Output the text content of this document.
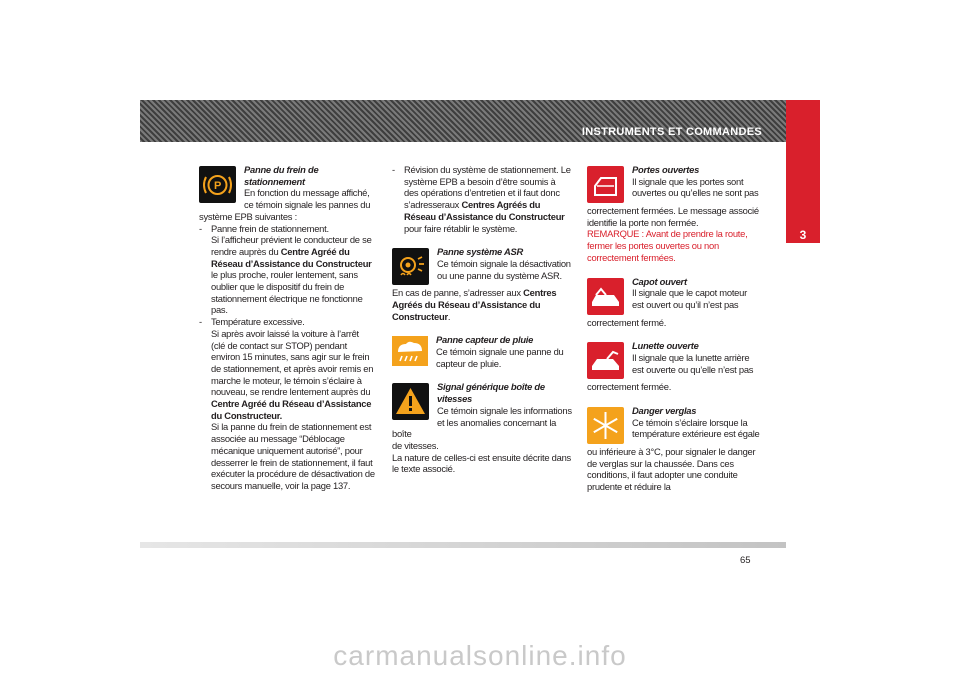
INSTRUMENTS ET COMMANDES
3
P
Panne du frein de stationnement
En fonction du message affiché,
ce témoin signale les pannes du
système EPB suivantes :
- Panne frein de stationnement.
Si l’afficheur prévient le conducteur de se rendre auprès du Centre Agréé du Réseau d’Assistance du Constructeur le plus proche, rouler lentement, sans oublier que le dispositif du frein de stationnement électrique ne fonctionne pas.
- Température excessive.
Si après avoir laissé la voiture à l’arrêt (clé de contact sur STOP) pendant environ 15 minutes, sans agir sur le frein de stationnement, et après avoir remis en marche le moteur, le témoin s’éclaire à nouveau, se rendre lentement auprès du Centre Agréé du Réseau d’Assistance du Constructeur.
Si la panne du frein de stationnement est associée au message “Déblocage mécanique uniquement autorisé”, pour desserrer le frein de stationnement, il faut exécuter la procédure de désactivation de secours manuelle, voir la page 137.
- Révision du système de stationnement. Le système EPB a besoin d’être soumis à des opérations d’entretien et il faut donc s’adresseraux Centres Agréés du Réseau d’Assistance du Constructeur pour faire rétablir le système.
Panne système ASR
Ce témoin signale la désactivation
ou une panne du système ASR.
En cas de panne, s’adresser aux Centres Agréés du Réseau d’Assistance du Constructeur.
Panne capteur de pluie
Ce témoin signale une panne du
capteur de pluie.
Signal générique boîte de vitesses
Ce témoin signale les informations
et les anomalies concernant la boîte
de vitesses.
La nature de celles-ci est ensuite décrite dans le texte associé.
Portes ouvertes
Il signale que les portes sont
ouvertes ou qu’elles ne sont pas
correctement fermées. Le message associé identifie la porte non fermée.
REMARQUE : Avant de prendre la route, fermer les portes ouvertes ou non correctement fermées.
Capot ouvert
Il signale que le capot moteur
est ouvert ou qu’il n’est pas
correctement fermé.
Lunette ouverte
Il signale que la lunette arrière
est ouverte ou qu’elle n’est pas
correctement fermée.
Danger verglas
Ce témoin s’éclaire lorsque la
température extérieure est égale
ou inférieure à 3°C, pour signaler le danger de verglas sur la chaussée. Dans ces conditions, il faut adopter une conduite prudente et réduire la
65
carmanualsonline.info
